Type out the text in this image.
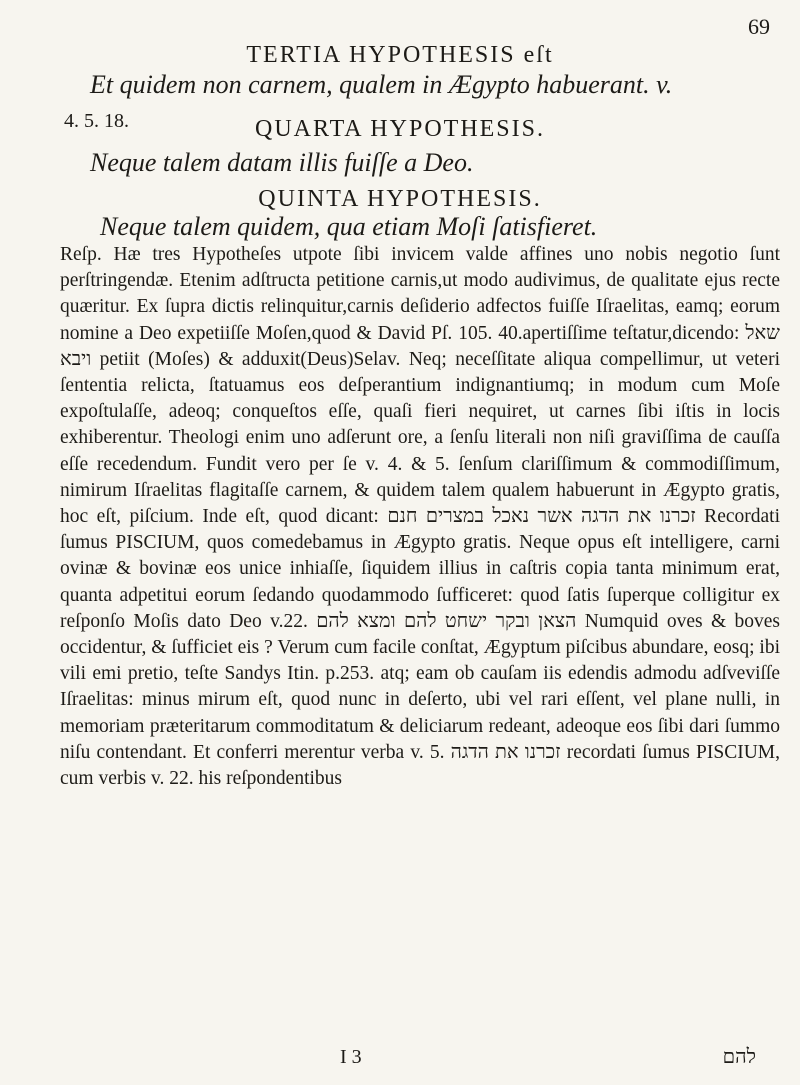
69
TERTIA HYPOTHESIS eſt
Et quidem non carnem, qualem in Ægypto habuerant. v.
4. 5. 18.	QUARTA HYPOTHESIS.
Neque talem datam illis fuiſſe a Deo.
QUINTA HYPOTHESIS.
Neque talem quidem, qua etiam Moſi ſatisfieret.
Reſp. Hæ tres Hypotheſes utpote ſibi invicem valde affines uno nobis negotio ſunt perſtringendæ. Etenim adſtructa petitione carnis,ut modo audivimus, de qualitate ejus recte quæritur. Ex ſupra dictis relinquitur,carnis deſiderio adfectos fuiſſe Iſraelitas, eamq; eorum nomine a Deo expetiiſſe Moſen,quod & David Pſ. 105. 40.apertiſſime teſtatur,dicendo: שאל ויבא petiit (Moſes) & adduxit(Deus)Selav. Neq; neceſſitate aliqua compellimur, ut veteri ſententia relicta, ſtatuamus eos deſperantium indignantiumq; in modum cum Moſe expoſtulaſſe, adeoq; conqueſtos eſſe, quaſi fieri nequiret, ut carnes ſibi iſtis in locis exhiberentur. Theologi enim uno adſerunt ore, a ſenſu literali non niſi graviſſima de cauſſa eſſe recedendum. Fundit vero per ſe v. 4. & 5. ſenſum clariſſimum & commodiſſimum, nimirum Iſraelitas flagitaſſe carnem, & quidem talem qualem habuerunt in Ægypto gratis, hoc eſt, piſcium. Inde eſt, quod dicant: זכרנו את הדגה אשר נאכל במצרים חנם Recordati ſumus PISCIUM, quos comedebamus in Ægypto gratis. Neque opus eſt intelligere, carni ovinæ & bovinæ eos unice inhiaſſe, ſiquidem illius in caſtris copia tanta minimum erat, quanta adpetitui eorum ſedando quodammodo ſufficeret: quod ſatis ſuperque colligitur ex reſponſo Moſis dato Deo v.22. הצאן ובקר ישחט להם ומצא להם Numquid oves & boves occidentur, & ſufficiet eis ? Verum cum facile conſtat, Ægyptum piſcibus abundare, eosq; ibi vili emi pretio, teſte Sandys Itin. p.253. atq; eam ob cauſam iis edendis admodu adſveviſſe Iſraelitas: minus mirum eſt, quod nunc in deſerto, ubi vel rari eſſent, vel plane nulli, in memoriam præteritarum commoditatum & deliciarum redeant, adeoque eos ſibi dari ſummo niſu contendant. Et conferri merentur verba v. 5. זכרנו את הדגה recordati ſumus PISCIUM, cum verbis v. 22. his reſpondentibus
I 3	להם
